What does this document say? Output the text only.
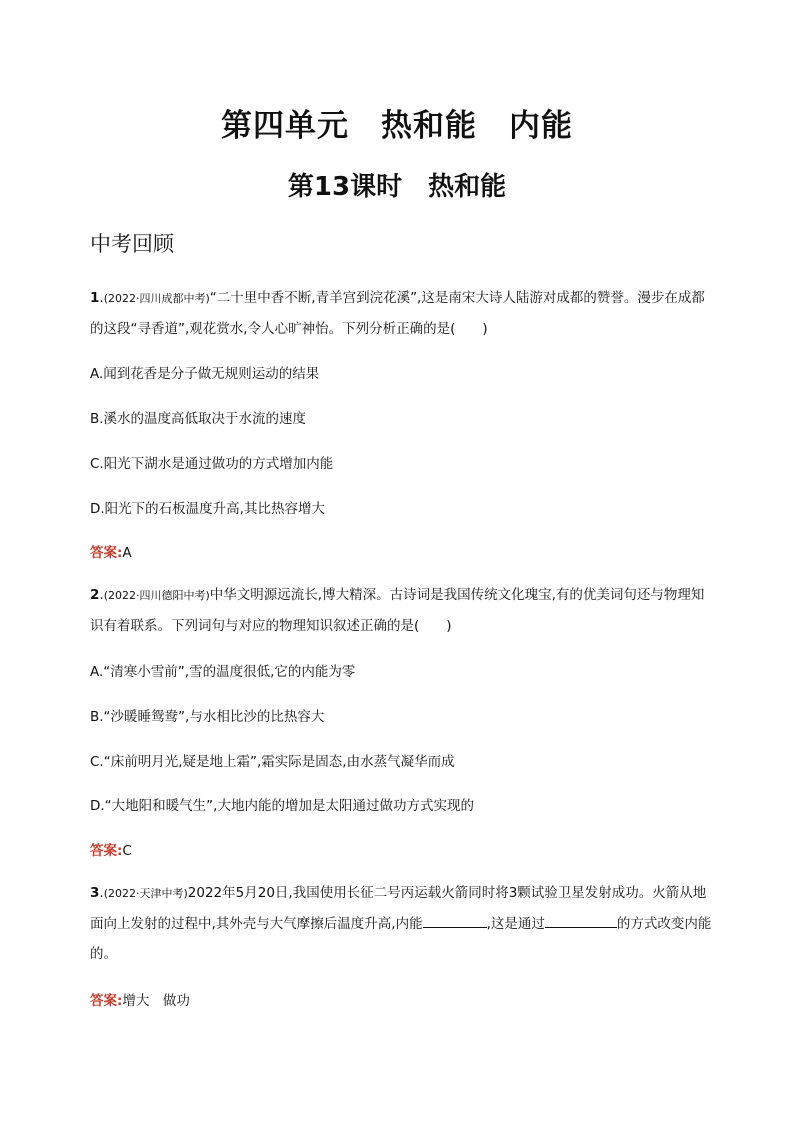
第四单元　热和能　内能
第13课时　热和能
中考回顾
1.(2022·四川成都中考)“二十里中香不断,青羊宫到浣花溪”,这是南宋大诗人陆游对成都的赞誉。漫步在成都的这段“寻香道”,观花赏水,令人心旷神怡。下列分析正确的是(　　)
A.闻到花香是分子做无规则运动的结果
B.溪水的温度高低取决于水流的速度
C.阳光下湖水是通过做功的方式增加内能
D.阳光下的石板温度升高,其比热容增大
答案:A
2.(2022·四川德阳中考)中华文明源远流长,博大精深。古诗词是我国传统文化瑰宝,有的优美词句还与物理知识有着联系。下列词句与对应的物理知识叙述正确的是(　　)
A.“清寒小雪前”,雪的温度很低,它的内能为零
B.“沙暖睡鸳鸯”,与水相比沙的比热容大
C.“床前明月光,疑是地上霜”,霜实际是固态,由水蒸气凝华而成
D.“大地阳和暖气生”,大地内能的增加是太阳通过做功方式实现的
答案:C
3.(2022·天津中考)2022年5月20日,我国使用长征二号丙运载火箭同时将3颗试验卫星发射成功。火箭从地面向上发射的过程中,其外壳与大气摩擦后温度升高,内能	,这是通过	的方式改变内能的。
答案:增大　做功
